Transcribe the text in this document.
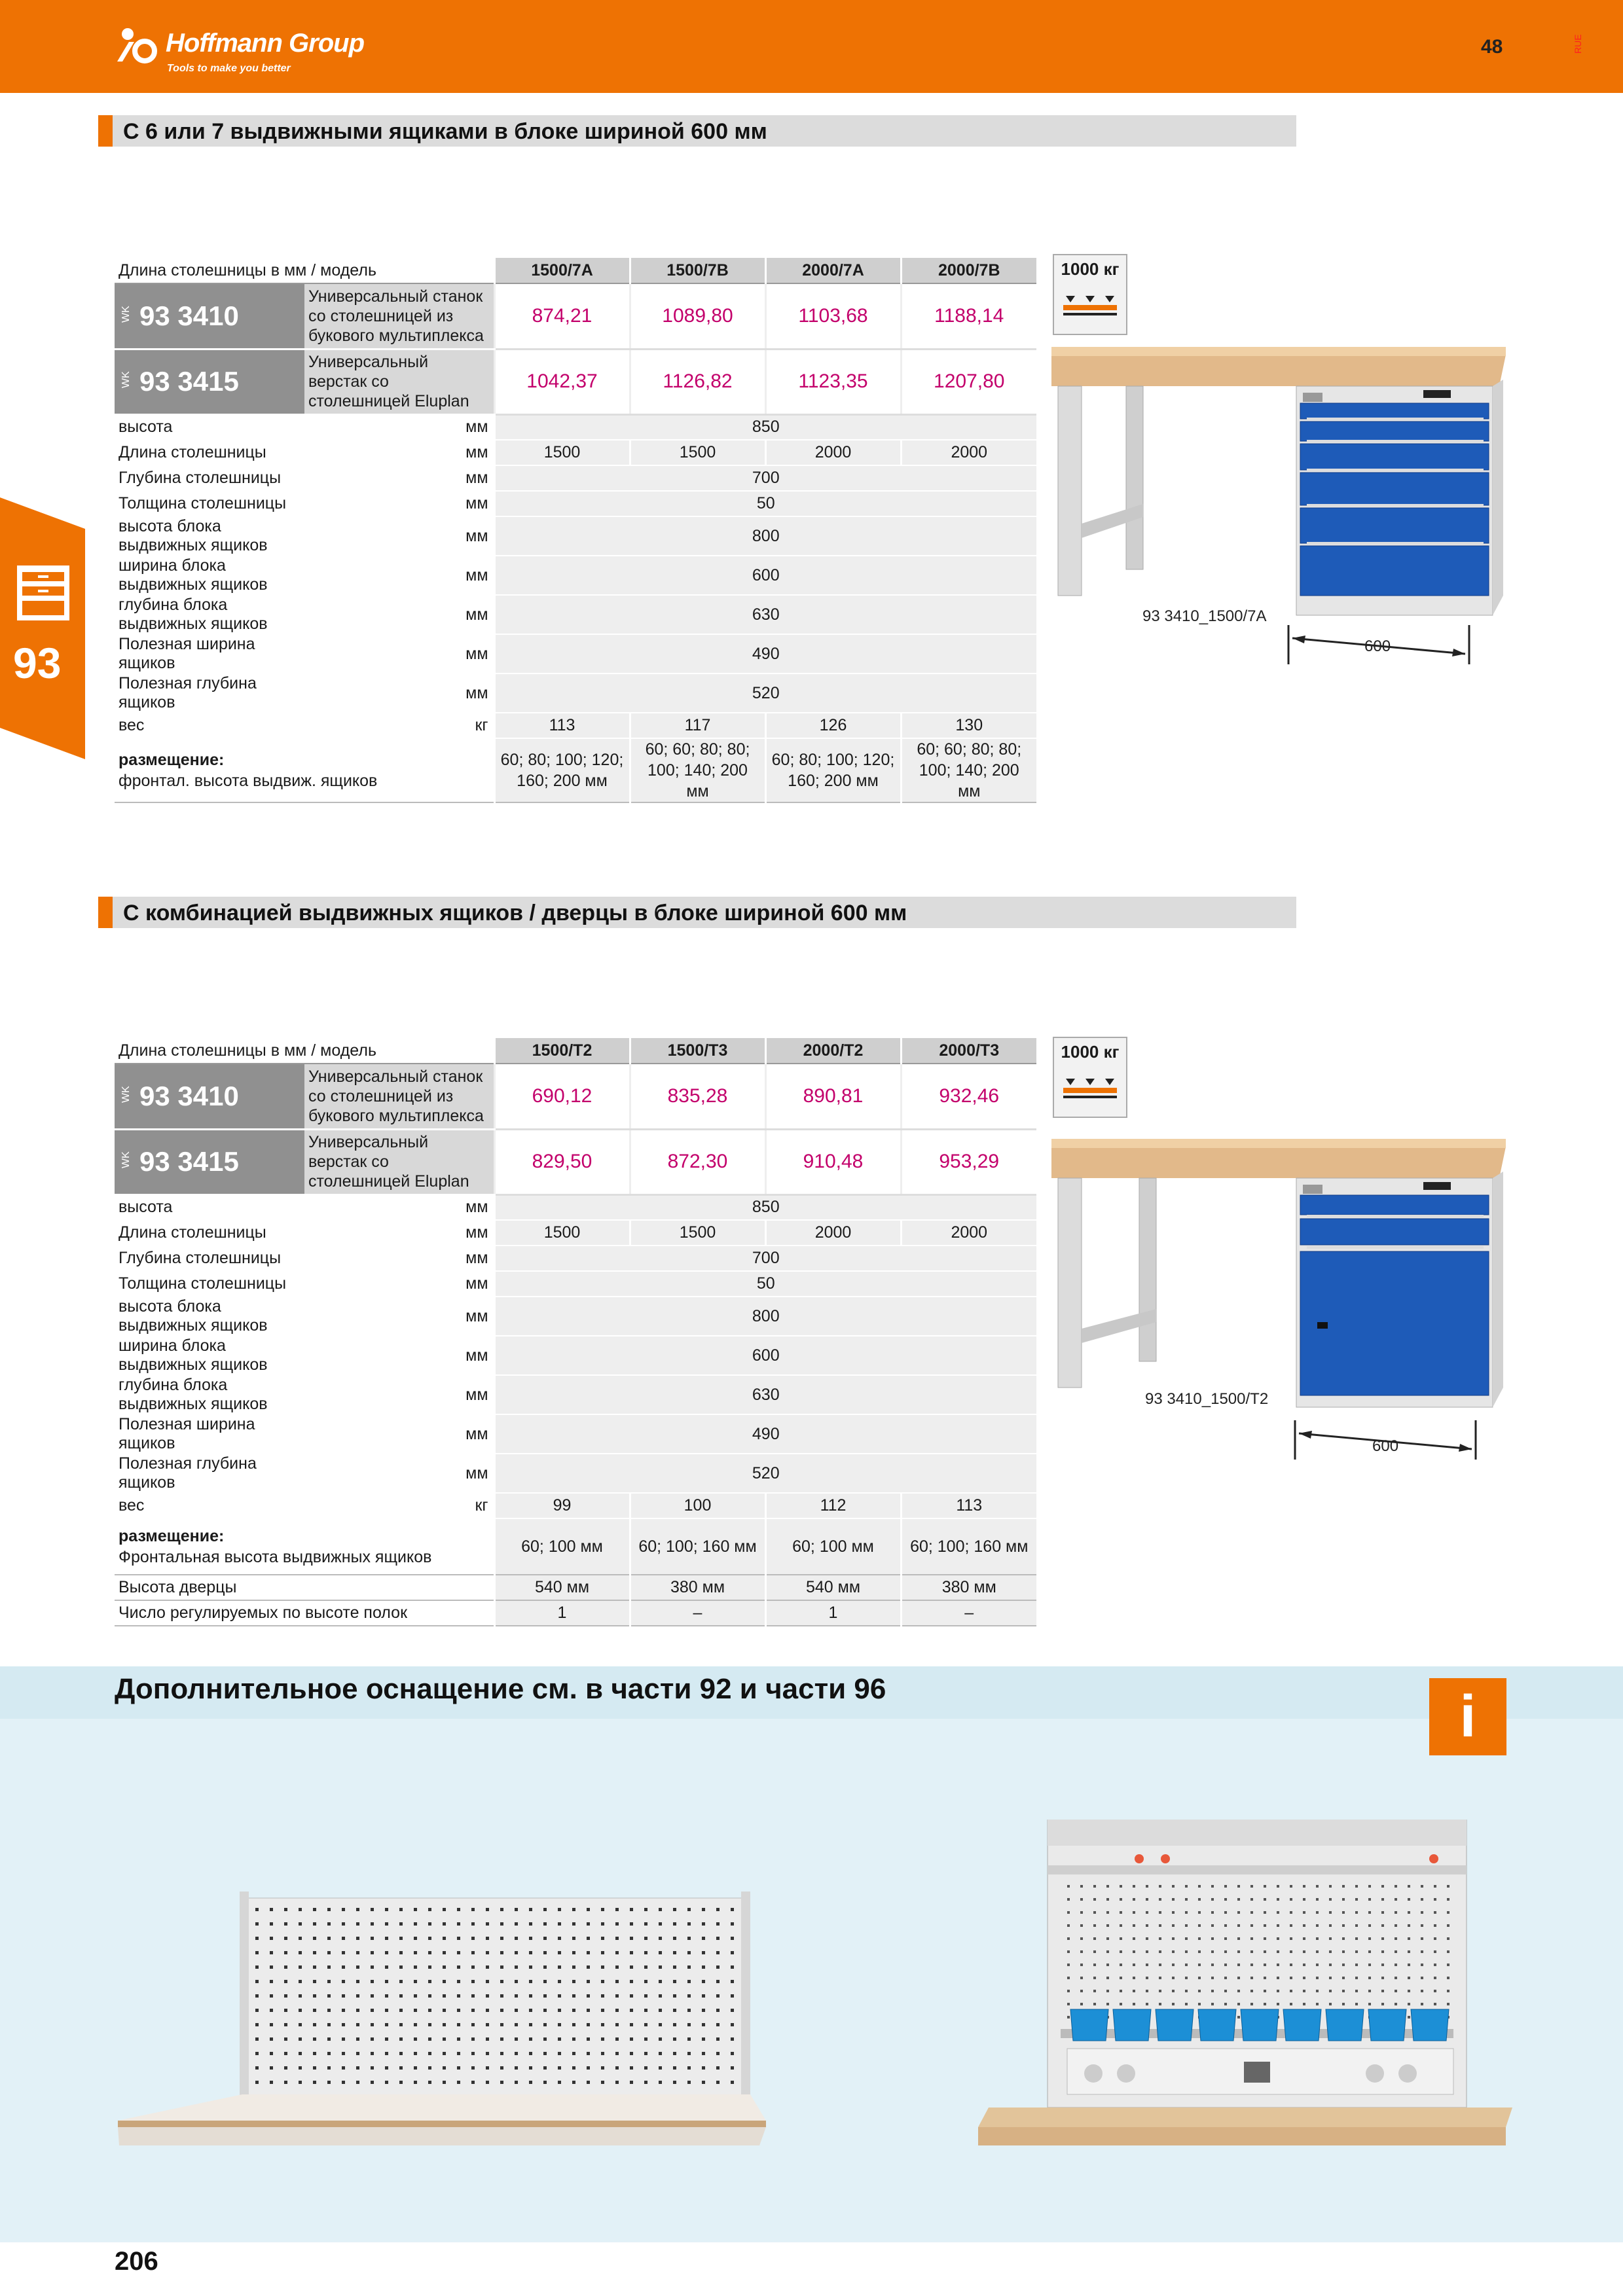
Hoffmann Group
Tools to make you better
48	RUE
93
С 6 или 7 выдвижными ящиками в блоке шириной 600 мм
Длина столешницы в мм / модель		1500/7A	1500/7B	2000/7A	2000/7B

WK 93 3410	Универсальный станок со столешницей из букового мультиплекса	874,21	1089,80	1103,68	1188,14

WK 93 3415	Универсальный верстак со столешницей Eluplan	1042,37	1126,82	1123,35	1207,80
высота	мм	850			
Длина столешницы	мм	1500	1500	2000	2000
Глубина столешницы	мм	700			
Толщина столешницы	мм	50			
высота блока выдвижных ящиков	мм	800			
ширина блока выдвижных ящиков	мм	600			
глубина блока выдвижных ящиков	мм	630			
Полезная ширина ящиков	мм	490			
Полезная глубина ящиков	мм	520			
вес	кг	113	117	126	130
размещение:
фронтал. высота выдвиж. ящиков		60; 80; 100; 120; 160; 200 мм	60; 60; 80; 80; 100; 140; 200 мм	60; 80; 100; 120; 160; 200 мм	60; 60; 80; 80; 100; 140; 200 мм
1000 кг
93 3410_1500/7A
600
С комбинацией выдвижных ящиков / дверцы в блоке шириной 600 мм
Длина столешницы в мм / модель		1500/T2	1500/T3	2000/T2	2000/T3

WK 93 3410	Универсальный станок со столешницей из букового мультиплекса	690,12	835,28	890,81	932,46

WK 93 3415	Универсальный верстак со столешницей Eluplan	829,50	872,30	910,48	953,29
высота	мм	850			
Длина столешницы	мм	1500	1500	2000	2000
Глубина столешницы	мм	700			
Толщина столешницы	мм	50			
высота блока выдвижных ящиков	мм	800			
ширина блока выдвижных ящиков	мм	600			
глубина блока выдвижных ящиков	мм	630			
Полезная ширина ящиков	мм	490			
Полезная глубина ящиков	мм	520			
вес	кг	99	100	112	113
размещение:
Фронтальная высота выдвижных ящиков		60; 100 мм	60; 100; 160 мм	60; 100 мм	60; 100; 160 мм
Высота дверцы		540 мм	380 мм	540 мм	380 мм
Число регулируемых по высоте полок		1	–	1	–
1000 кг
93 3410_1500/T2
600
Дополнительное оснащение см. в части 92 и части 96	i
206
